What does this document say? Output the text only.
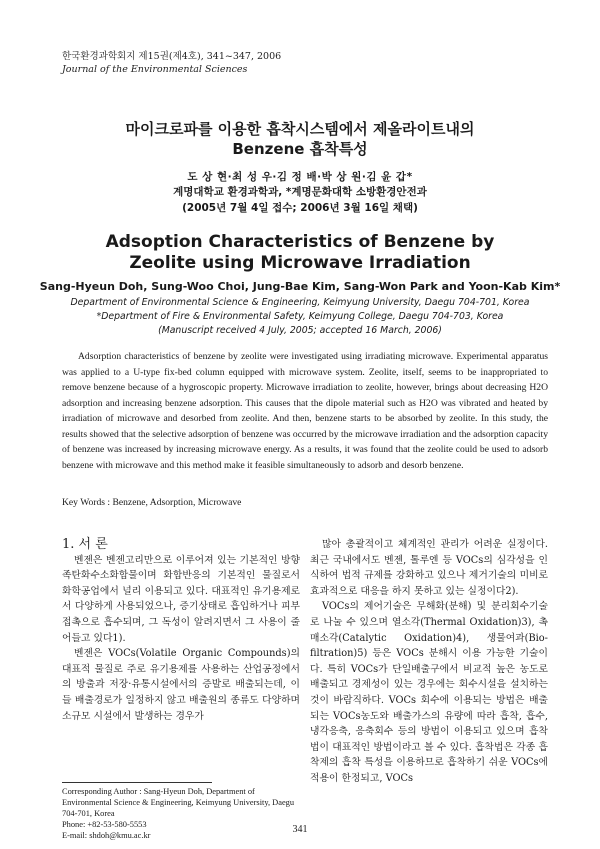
한국환경과학회지 제15권(제4호), 341~347, 2006
Journal of the Environmental Sciences
마이크로파를 이용한 흡착시스템에서 제올라이트내의
Benzene 흡착특성
도 상 현·최 성 우·김 정 배·박 상 원·김 윤 갑*
계명대학교 환경과학과, *계명문화대학 소방환경안전과
(2005년 7월 4일 접수; 2006년 3월 16일 채택)
Adsoption Characteristics of Benzene by
Zeolite using Microwave Irradiation
Sang-Hyeun Doh, Sung-Woo Choi, Jung-Bae Kim, Sang-Won Park and Yoon-Kab Kim*
Department of Environmental Science & Engineering, Keimyung University, Daegu 704-701, Korea
*Department of Fire & Environmental Safety, Keimyung College, Daegu 704-703, Korea
(Manuscript received 4 July, 2005; accepted 16 March, 2006)
Adsorption characteristics of benzene by zeolite were investigated using irradiating microwave. Experimental apparatus was applied to a U-type fix-bed column equipped with microwave system. Zeolite, itself, seems to be inappropriated to remove benzene because of a hygroscopic property. Microwave irradiation to zeolite, however, brings about decreasing H2O adsorption and increasing benzene adsorption. This causes that the dipole material such as H2O was vibrated and heated by irradiation of microwave and desorbed from zeolite. And then, benzene starts to be absorbed by zeolite. In this study, the results showed that the selective adsorption of benzene was occurred by the microwave irradiation and the adsorption capacity of benzene was increased by increasing microwave energy. As a results, it was found that the zeolite could be used to adsorb benzene with microwave and this method make it feasible simultaneously to adsorb and desorb benzene.
Key Words : Benzene, Adsorption, Microwave

1. 서 론

벤젠은 벤젠고리만으로 이루어져 있는 기본적인 방향족탄화수소화합물이며 화합반응의 기본적인 물질로서 화학공업에서 널리 이용되고 있다. 대표적인 유기용제로서 다양하게 사용되었으나, 증기상태로 흡입하거나 피부접촉으로 흡수되며, 그 독성이 알려지면서 그 사용이 줄어들고 있다1).

벤젠은 VOCs(Volatile Organic Compounds)의 대표적 물질로 주로 유기용제를 사용하는 산업공정에서의 방출과 저장·유통시설에서의 증발로 배출되는데, 이들 배출경로가 일정하지 않고 배출원의 종류도 다양하며 소규모 시설에서 발생하는 경우가

많아 총괄적이고 체계적인 관리가 어려운 실정이다. 최근 국내에서도 벤젠, 톨루엔 등 VOCs의 심각성을 인식하여 법적 규제를 강화하고 있으나 제거기술의 미비로 효과적으로 대응을 하지 못하고 있는 실정이다2).

VOCs의 제어기술은 무해화(분해) 및 분리회수기술로 나눌 수 있으며 열소각(Thermal Oxidation)3), 촉매소각(Catalytic Oxidation)4), 생물여과(Bio-filtration)5) 등은 VOCs 분해시 이용 가능한 기술이다. 특히 VOCs가 단일배출구에서 비교적 높은 농도로 배출되고 경제성이 있는 경우에는 회수시설을 설치하는 것이 바람직하다. VOCs 회수에 이용되는 방법은 배출되는 VOCs농도와 배출가스의 유량에 따라 흡착, 흡수, 냉각응축, 응축회수 등의 방법이 이용되고 있으며 흡착법이 대표적인 방법이라고 볼 수 있다. 흡착법은 각종 흡착제의 흡착 특성을 이용하므로 흡착하기 쉬운 VOCs에 적용이 한정되고, VOCs

Corresponding Author : Sang-Hyeun Doh, Department of Environmental Science & Engineering, Keimyung University, Daegu 704-701, Korea
Phone: +82-53-580-5553
E-mail: shdoh@kmu.ac.kr
341
